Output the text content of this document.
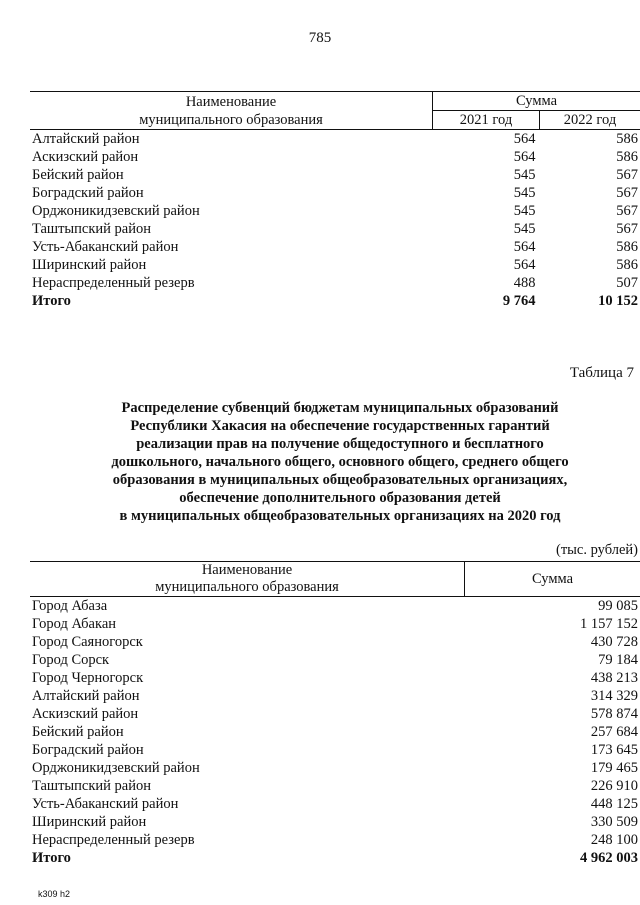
785
Наименование
муниципального образования	Сумма	
	2021 год	2022 год
Алтайский район	564	586
Аскизский район	564	586
Бейский район	545	567
Боградский район	545	567
Орджоникидзевский район	545	567
Таштыпский район	545	567
Усть-Абаканский район	564	586
Ширинский район	564	586
Нераспределенный резерв	488	507
Итого	9 764	10 152
Таблица 7
Распределение субвенций бюджетам муниципальных образований
Республики Хакасия на обеспечение государственных гарантий
реализации прав на получение общедоступного и бесплатного
дошкольного, начального общего, основного общего, среднего общего
образования в муниципальных общеобразовательных организациях,
обеспечение дополнительного образования детей
в муниципальных общеобразовательных организациях на 2020 год
(тыс. рублей)
Наименование
муниципального образования	Сумма
Город Абаза	99 085
Город Абакан	1 157 152
Город Саяногорск	430 728
Город Сорск	79 184
Город Черногорск	438 213
Алтайский район	314 329
Аскизский район	578 874
Бейский район	257 684
Боградский район	173 645
Орджоникидзевский район	179 465
Таштыпский район	226 910
Усть-Абаканский район	448 125
Ширинский район	330 509
Нераспределенный резерв	248 100
Итого	4 962 003
k309 h2
